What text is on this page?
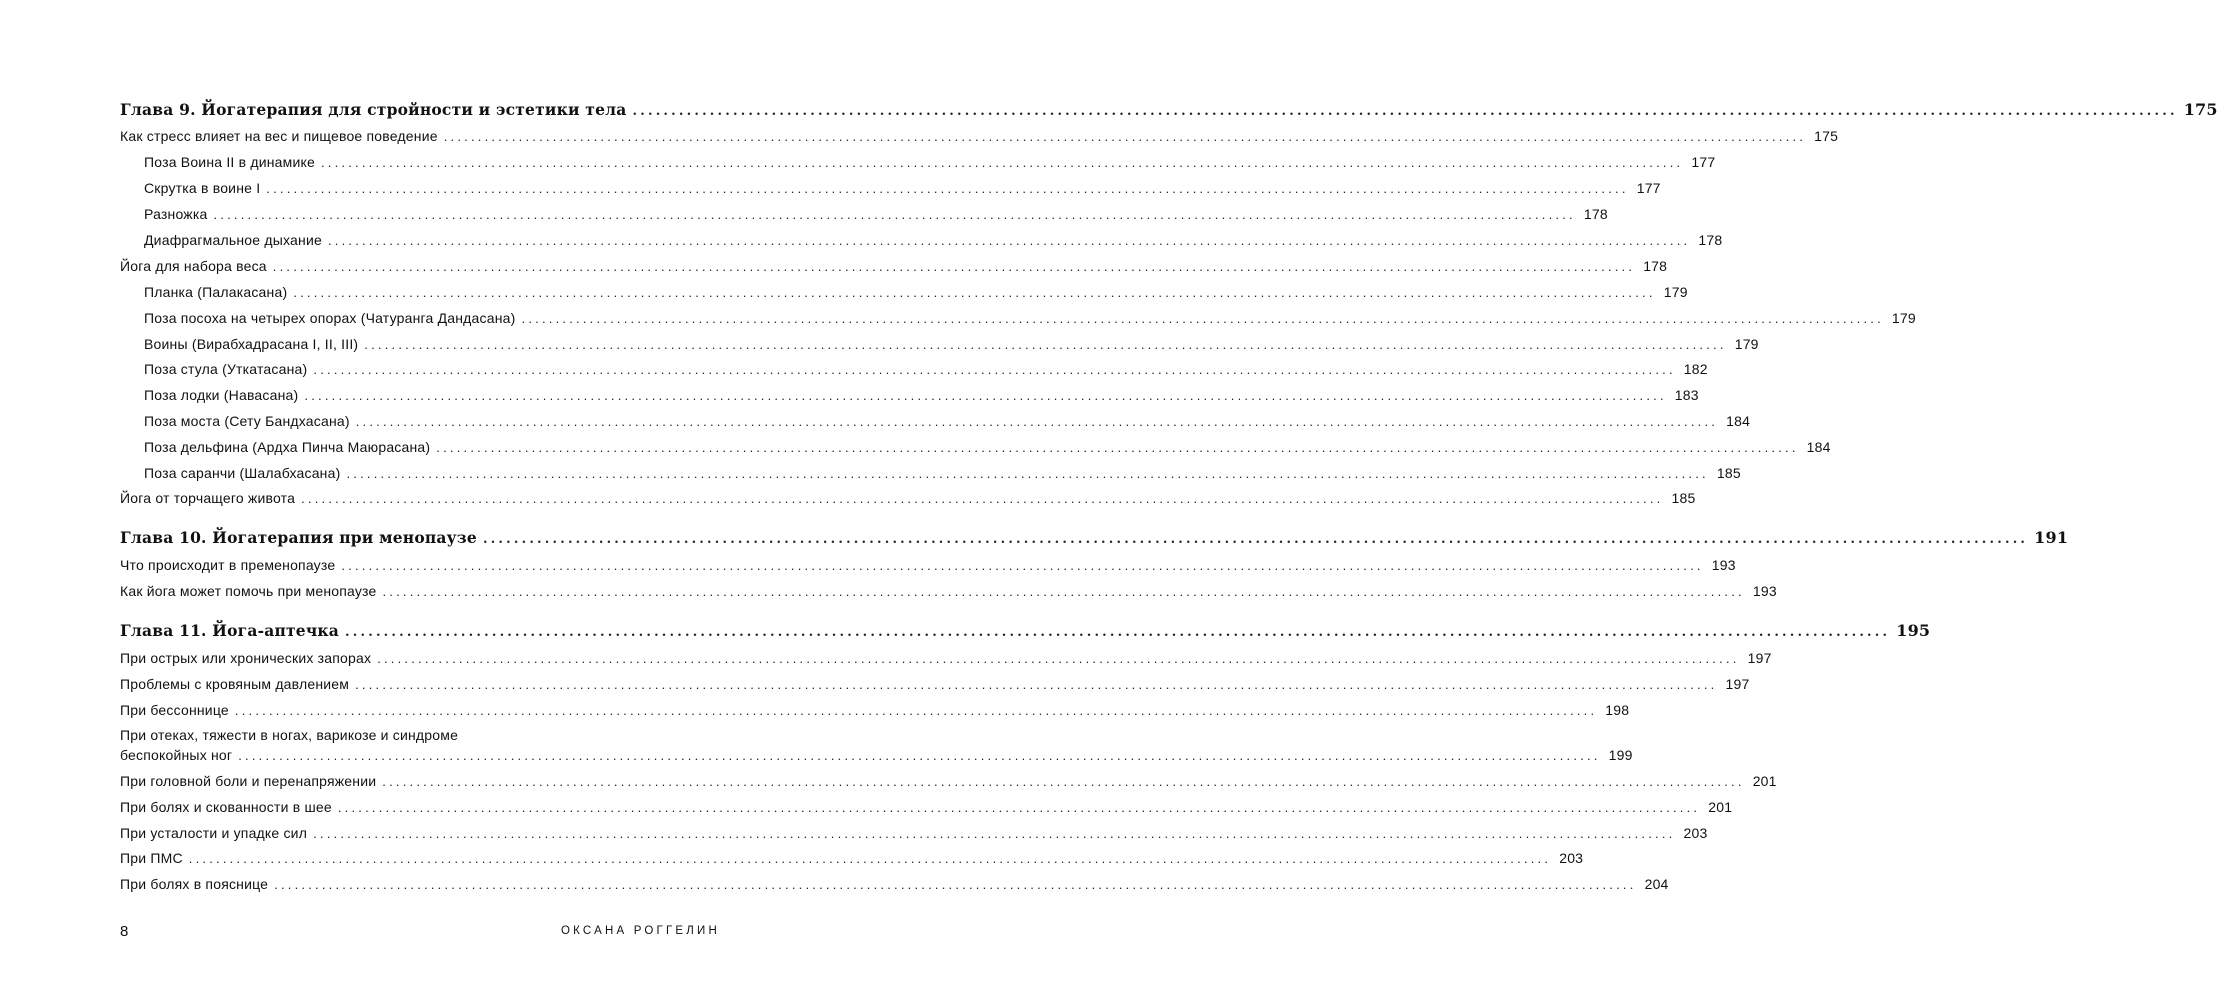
Глава 9. Йогатерапия для стройности и эстетики тела ........................................................................................................................................................................................................ 175
Как стресс влияет на вес и пищевое поведение ........................................................................................................................................................................................................ 175
Поза Воина II в динамике ........................................................................................................................................................................................................ 177
Скрутка в воине I ........................................................................................................................................................................................................ 177
Разножка ........................................................................................................................................................................................................ 178
Диафрагмальное дыхание ........................................................................................................................................................................................................ 178
Йога для набора веса ........................................................................................................................................................................................................ 178
Планка (Палакасана) ........................................................................................................................................................................................................ 179
Поза посоха на четырех опорах (Чатуранга Дандасана) ........................................................................................................................................................................................................ 179
Воины (Вирабхадрасана I, II, III) ........................................................................................................................................................................................................ 179
Поза стула (Уткатасана) ........................................................................................................................................................................................................ 182
Поза лодки (Навасана) ........................................................................................................................................................................................................ 183
Поза моста (Сету Бандхасана) ........................................................................................................................................................................................................ 184
Поза дельфина (Ардха Пинча Маюрасана) ........................................................................................................................................................................................................ 184
Поза саранчи (Шалабхасана) ........................................................................................................................................................................................................ 185
Йога от торчащего живота ........................................................................................................................................................................................................ 185
Глава 10. Йогатерапия при менопаузе ........................................................................................................................................................................................................ 191
Что происходит в пременопаузе ........................................................................................................................................................................................................ 193
Как йога может помочь при менопаузе ........................................................................................................................................................................................................ 193
Глава 11. Йога-аптечка ........................................................................................................................................................................................................ 195
При острых или хронических запорах ........................................................................................................................................................................................................ 197
Проблемы с кровяным давлением ........................................................................................................................................................................................................ 197
При бессоннице ........................................................................................................................................................................................................ 198
При отеках, тяжести в ногах, варикозе и синдроме
беспокойных ног ........................................................................................................................................................................................................ 199
При головной боли и перенапряжении ........................................................................................................................................................................................................ 201
При болях и скованности в шее ........................................................................................................................................................................................................ 201
При усталости и упадке сил ........................................................................................................................................................................................................ 203
При ПМС ........................................................................................................................................................................................................ 203
При болях в пояснице ........................................................................................................................................................................................................ 204
8	ОКСАНА РОГГЕЛИН
